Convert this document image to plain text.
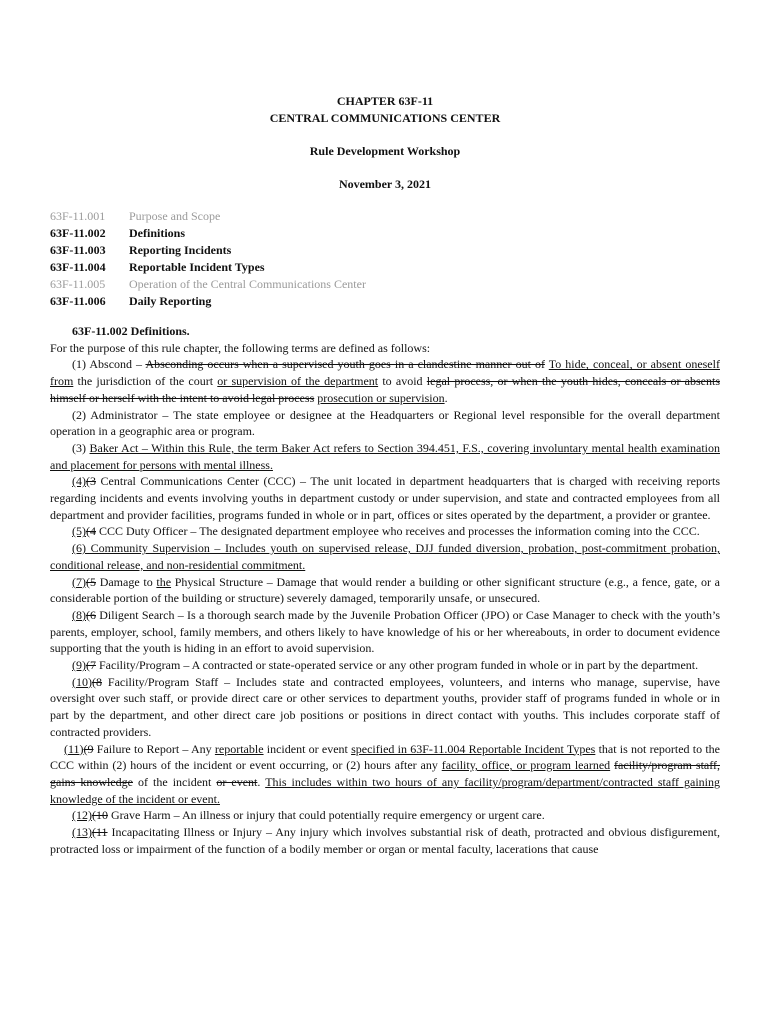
CHAPTER 63F-11
CENTRAL COMMUNICATIONS CENTER
Rule Development Workshop
November 3, 2021
63F-11.001	Purpose and Scope
63F-11.002	Definitions
63F-11.003	Reporting Incidents
63F-11.004	Reportable Incident Types
63F-11.005	Operation of the Central Communications Center
63F-11.006	Daily Reporting

63F-11.002 Definitions.

For the purpose of this rule chapter, the following terms are defined as follows:

(1) Abscond – Absconding occurs when a supervised youth goes in a clandestine manner out of To hide, conceal, or absent oneself from the jurisdiction of the court or supervision of the department to avoid legal process, or when the youth hides, conceals or absents himself or herself with the intent to avoid legal process prosecution or supervision.

(2) Administrator – The state employee or designee at the Headquarters or Regional level responsible for the overall department operation in a geographic area or program.

(3) Baker Act – Within this Rule, the term Baker Act refers to Section 394.451, F.S., covering involuntary mental health examination and placement for persons with mental illness.

(4)(3 Central Communications Center (CCC) – The unit located in department headquarters that is charged with receiving reports regarding incidents and events involving youths in department custody or under supervision, and state and contracted employees from all department and provider facilities, programs funded in whole or in part, offices or sites operated by the department, a provider or grantee.

(5)(4 CCC Duty Officer – The designated department employee who receives and processes the information coming into the CCC.

(6) Community Supervision – Includes youth on supervised release, DJJ funded diversion, probation, post-commitment probation, conditional release, and non-residential commitment.

(7)(5 Damage to the Physical Structure – Damage that would render a building or other significant structure (e.g., a fence, gate, or a considerable portion of the building or structure) severely damaged, temporarily unsafe, or unsecured.

(8)(6 Diligent Search – Is a thorough search made by the Juvenile Probation Officer (JPO) or Case Manager to check with the youth’s parents, employer, school, family members, and others likely to have knowledge of his or her whereabouts, in order to document evidence supporting that the youth is hiding in an effort to avoid supervision.

(9)(7 Facility/Program – A contracted or state-operated service or any other program funded in whole or in part by the department.

(10)(8 Facility/Program Staff – Includes state and contracted employees, volunteers, and interns who manage, supervise, have oversight over such staff, or provide direct care or other services to department youths, provider staff of programs funded in whole or in part by the department, and other direct care job positions or positions in direct contact with youths. This includes corporate staff of contracted providers.

(11)(9 Failure to Report – Any reportable incident or event specified in 63F-11.004 Reportable Incident Types that is not reported to the CCC within (2) hours of the incident or event occurring, or (2) hours after any facility, office, or program learned facility/program staff, gains knowledge of the incident or event. This includes within two hours of any facility/program/department/contracted staff gaining knowledge of the incident or event.

(12)(10 Grave Harm – An illness or injury that could potentially require emergency or urgent care.

(13)(11 Incapacitating Illness or Injury – Any injury which involves substantial risk of death, protracted and obvious disfigurement, protracted loss or impairment of the function of a bodily member or organ or mental faculty, lacerations that cause
